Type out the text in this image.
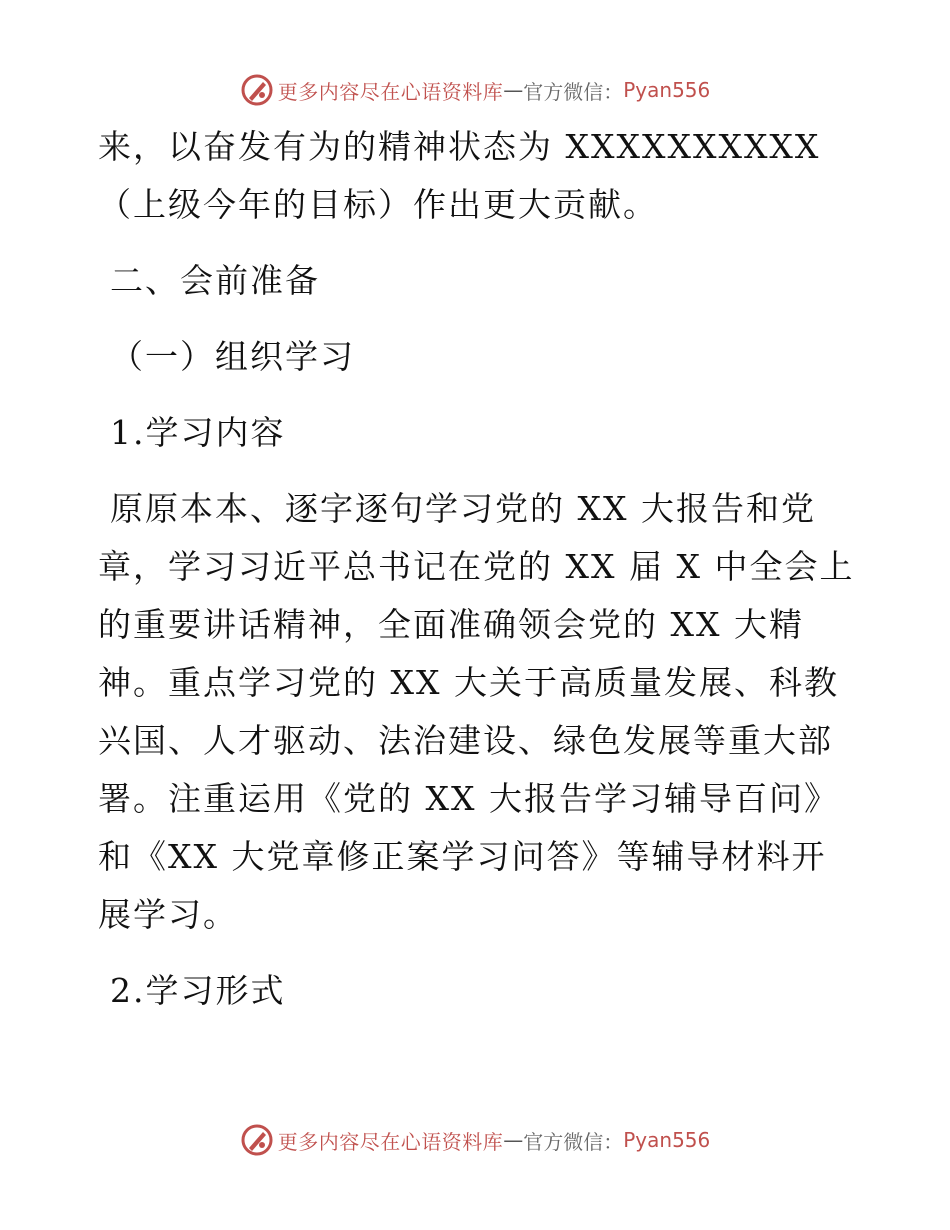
更多内容尽在心语资料库 — 官方微信： Pyan556

来，以奋发有为的精神状态为 XXXXXXXXXX（上级今年的目标）作出更大贡献。

二、会前准备

（一）组织学习

1.学习内容

原原本本、逐字逐句学习党的 XX 大报告和党章，学习习近平总书记在党的 XX 届 X 中全会上的重要讲话精神，全面准确领会党的 XX 大精神。重点学习党的 XX 大关于高质量发展、科教兴国、人才驱动、法治建设、绿色发展等重大部署。注重运用《党的 XX 大报告学习辅导百问》和《XX 大党章修正案学习问答》等辅导材料开展学习。

2.学习形式

更多内容尽在心语资料库 — 官方微信： Pyan556
